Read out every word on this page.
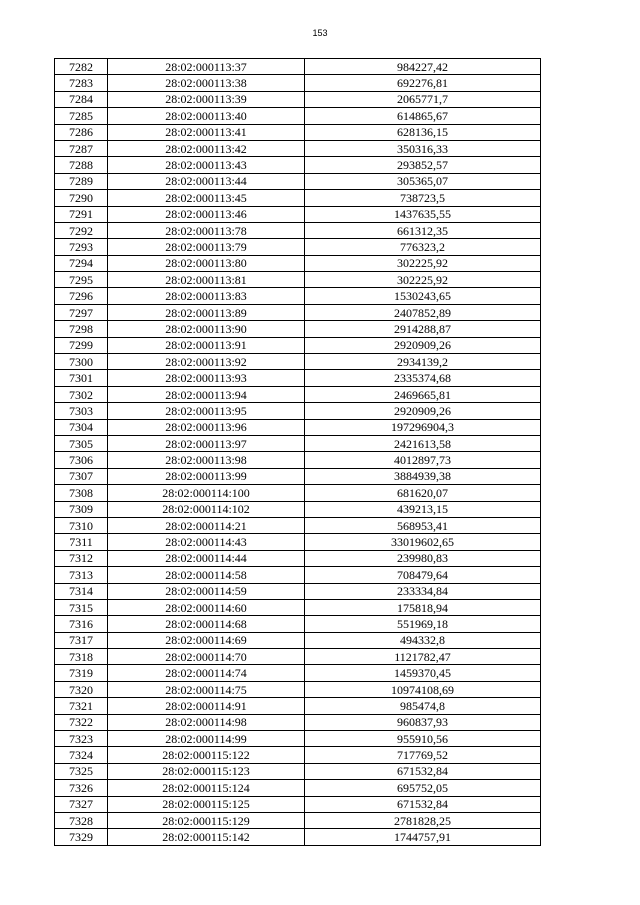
153
7282	28:02:000113:37	984227,42
7283	28:02:000113:38	692276,81
7284	28:02:000113:39	2065771,7
7285	28:02:000113:40	614865,67
7286	28:02:000113:41	628136,15
7287	28:02:000113:42	350316,33
7288	28:02:000113:43	293852,57
7289	28:02:000113:44	305365,07
7290	28:02:000113:45	738723,5
7291	28:02:000113:46	1437635,55
7292	28:02:000113:78	661312,35
7293	28:02:000113:79	776323,2
7294	28:02:000113:80	302225,92
7295	28:02:000113:81	302225,92
7296	28:02:000113:83	1530243,65
7297	28:02:000113:89	2407852,89
7298	28:02:000113:90	2914288,87
7299	28:02:000113:91	2920909,26
7300	28:02:000113:92	2934139,2
7301	28:02:000113:93	2335374,68
7302	28:02:000113:94	2469665,81
7303	28:02:000113:95	2920909,26
7304	28:02:000113:96	197296904,3
7305	28:02:000113:97	2421613,58
7306	28:02:000113:98	4012897,73
7307	28:02:000113:99	3884939,38
7308	28:02:000114:100	681620,07
7309	28:02:000114:102	439213,15
7310	28:02:000114:21	568953,41
7311	28:02:000114:43	33019602,65
7312	28:02:000114:44	239980,83
7313	28:02:000114:58	708479,64
7314	28:02:000114:59	233334,84
7315	28:02:000114:60	175818,94
7316	28:02:000114:68	551969,18
7317	28:02:000114:69	494332,8
7318	28:02:000114:70	1121782,47
7319	28:02:000114:74	1459370,45
7320	28:02:000114:75	10974108,69
7321	28:02:000114:91	985474,8
7322	28:02:000114:98	960837,93
7323	28:02:000114:99	955910,56
7324	28:02:000115:122	717769,52
7325	28:02:000115:123	671532,84
7326	28:02:000115:124	695752,05
7327	28:02:000115:125	671532,84
7328	28:02:000115:129	2781828,25
7329	28:02:000115:142	1744757,91
